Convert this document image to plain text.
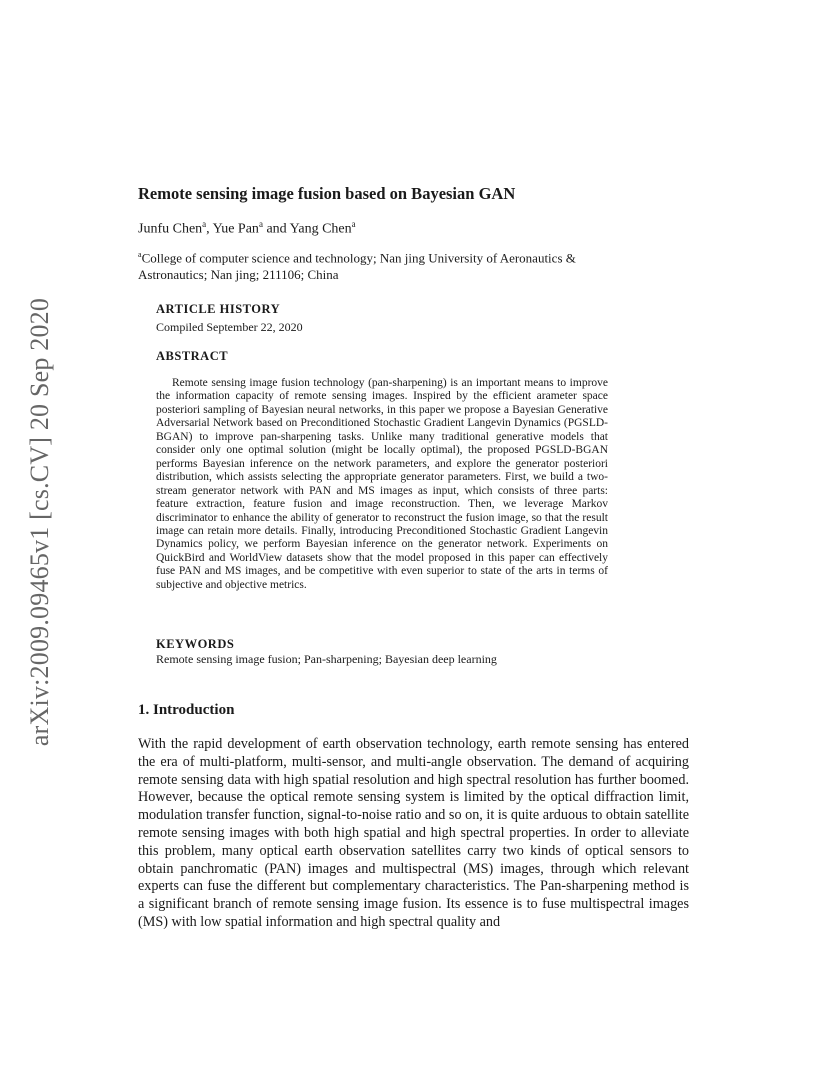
arXiv:2009.09465v1 [cs.CV] 20 Sep 2020
Remote sensing image fusion based on Bayesian GAN
Junfu Chen$^a$, Yue Pan$^a$ and Yang Chen$^a$
$^a$College of computer science and technology; Nan jing University of Aeronautics & Astronautics; Nan jing; 211106; China
ARTICLE HISTORY
Compiled September 22, 2020
ABSTRACT
Remote sensing image fusion technology (pan-sharpening) is an important means to improve the information capacity of remote sensing images. Inspired by the efficient arameter space posteriori sampling of Bayesian neural networks, in this paper we propose a Bayesian Generative Adversarial Network based on Preconditioned Stochastic Gradient Langevin Dynamics (PGSLD-BGAN) to improve pan-sharpening tasks. Unlike many traditional generative models that consider only one optimal solution (might be locally optimal), the proposed PGSLD-BGAN performs Bayesian inference on the network parameters, and explore the generator posteriori distribution, which assists selecting the appropriate generator parameters. First, we build a two-stream generator network with PAN and MS images as input, which consists of three parts: feature extraction, feature fusion and image reconstruction. Then, we leverage Markov discriminator to enhance the ability of generator to reconstruct the fusion image, so that the result image can retain more details. Finally, introducing Preconditioned Stochastic Gradient Langevin Dynamics policy, we perform Bayesian inference on the generator network. Experiments on QuickBird and WorldView datasets show that the model proposed in this paper can effectively fuse PAN and MS images, and be competitive with even superior to state of the arts in terms of subjective and objective metrics.
KEYWORDS
Remote sensing image fusion; Pan-sharpening; Bayesian deep learning
1. Introduction
With the rapid development of earth observation technology, earth remote sensing has entered the era of multi-platform, multi-sensor, and multi-angle observation. The demand of acquiring remote sensing data with high spatial resolution and high spectral resolution has further boomed. However, because the optical remote sensing system is limited by the optical diffraction limit, modulation transfer function, signal-to-noise ratio and so on, it is quite arduous to obtain satellite remote sensing images with both high spatial and high spectral properties. In order to alleviate this problem, many optical earth observation satellites carry two kinds of optical sensors to obtain panchromatic (PAN) images and multispectral (MS) images, through which relevant experts can fuse the different but complementary characteristics. The Pan-sharpening method is a significant branch of remote sensing image fusion. Its essence is to fuse multispectral images (MS) with low spatial information and high spectral quality and
